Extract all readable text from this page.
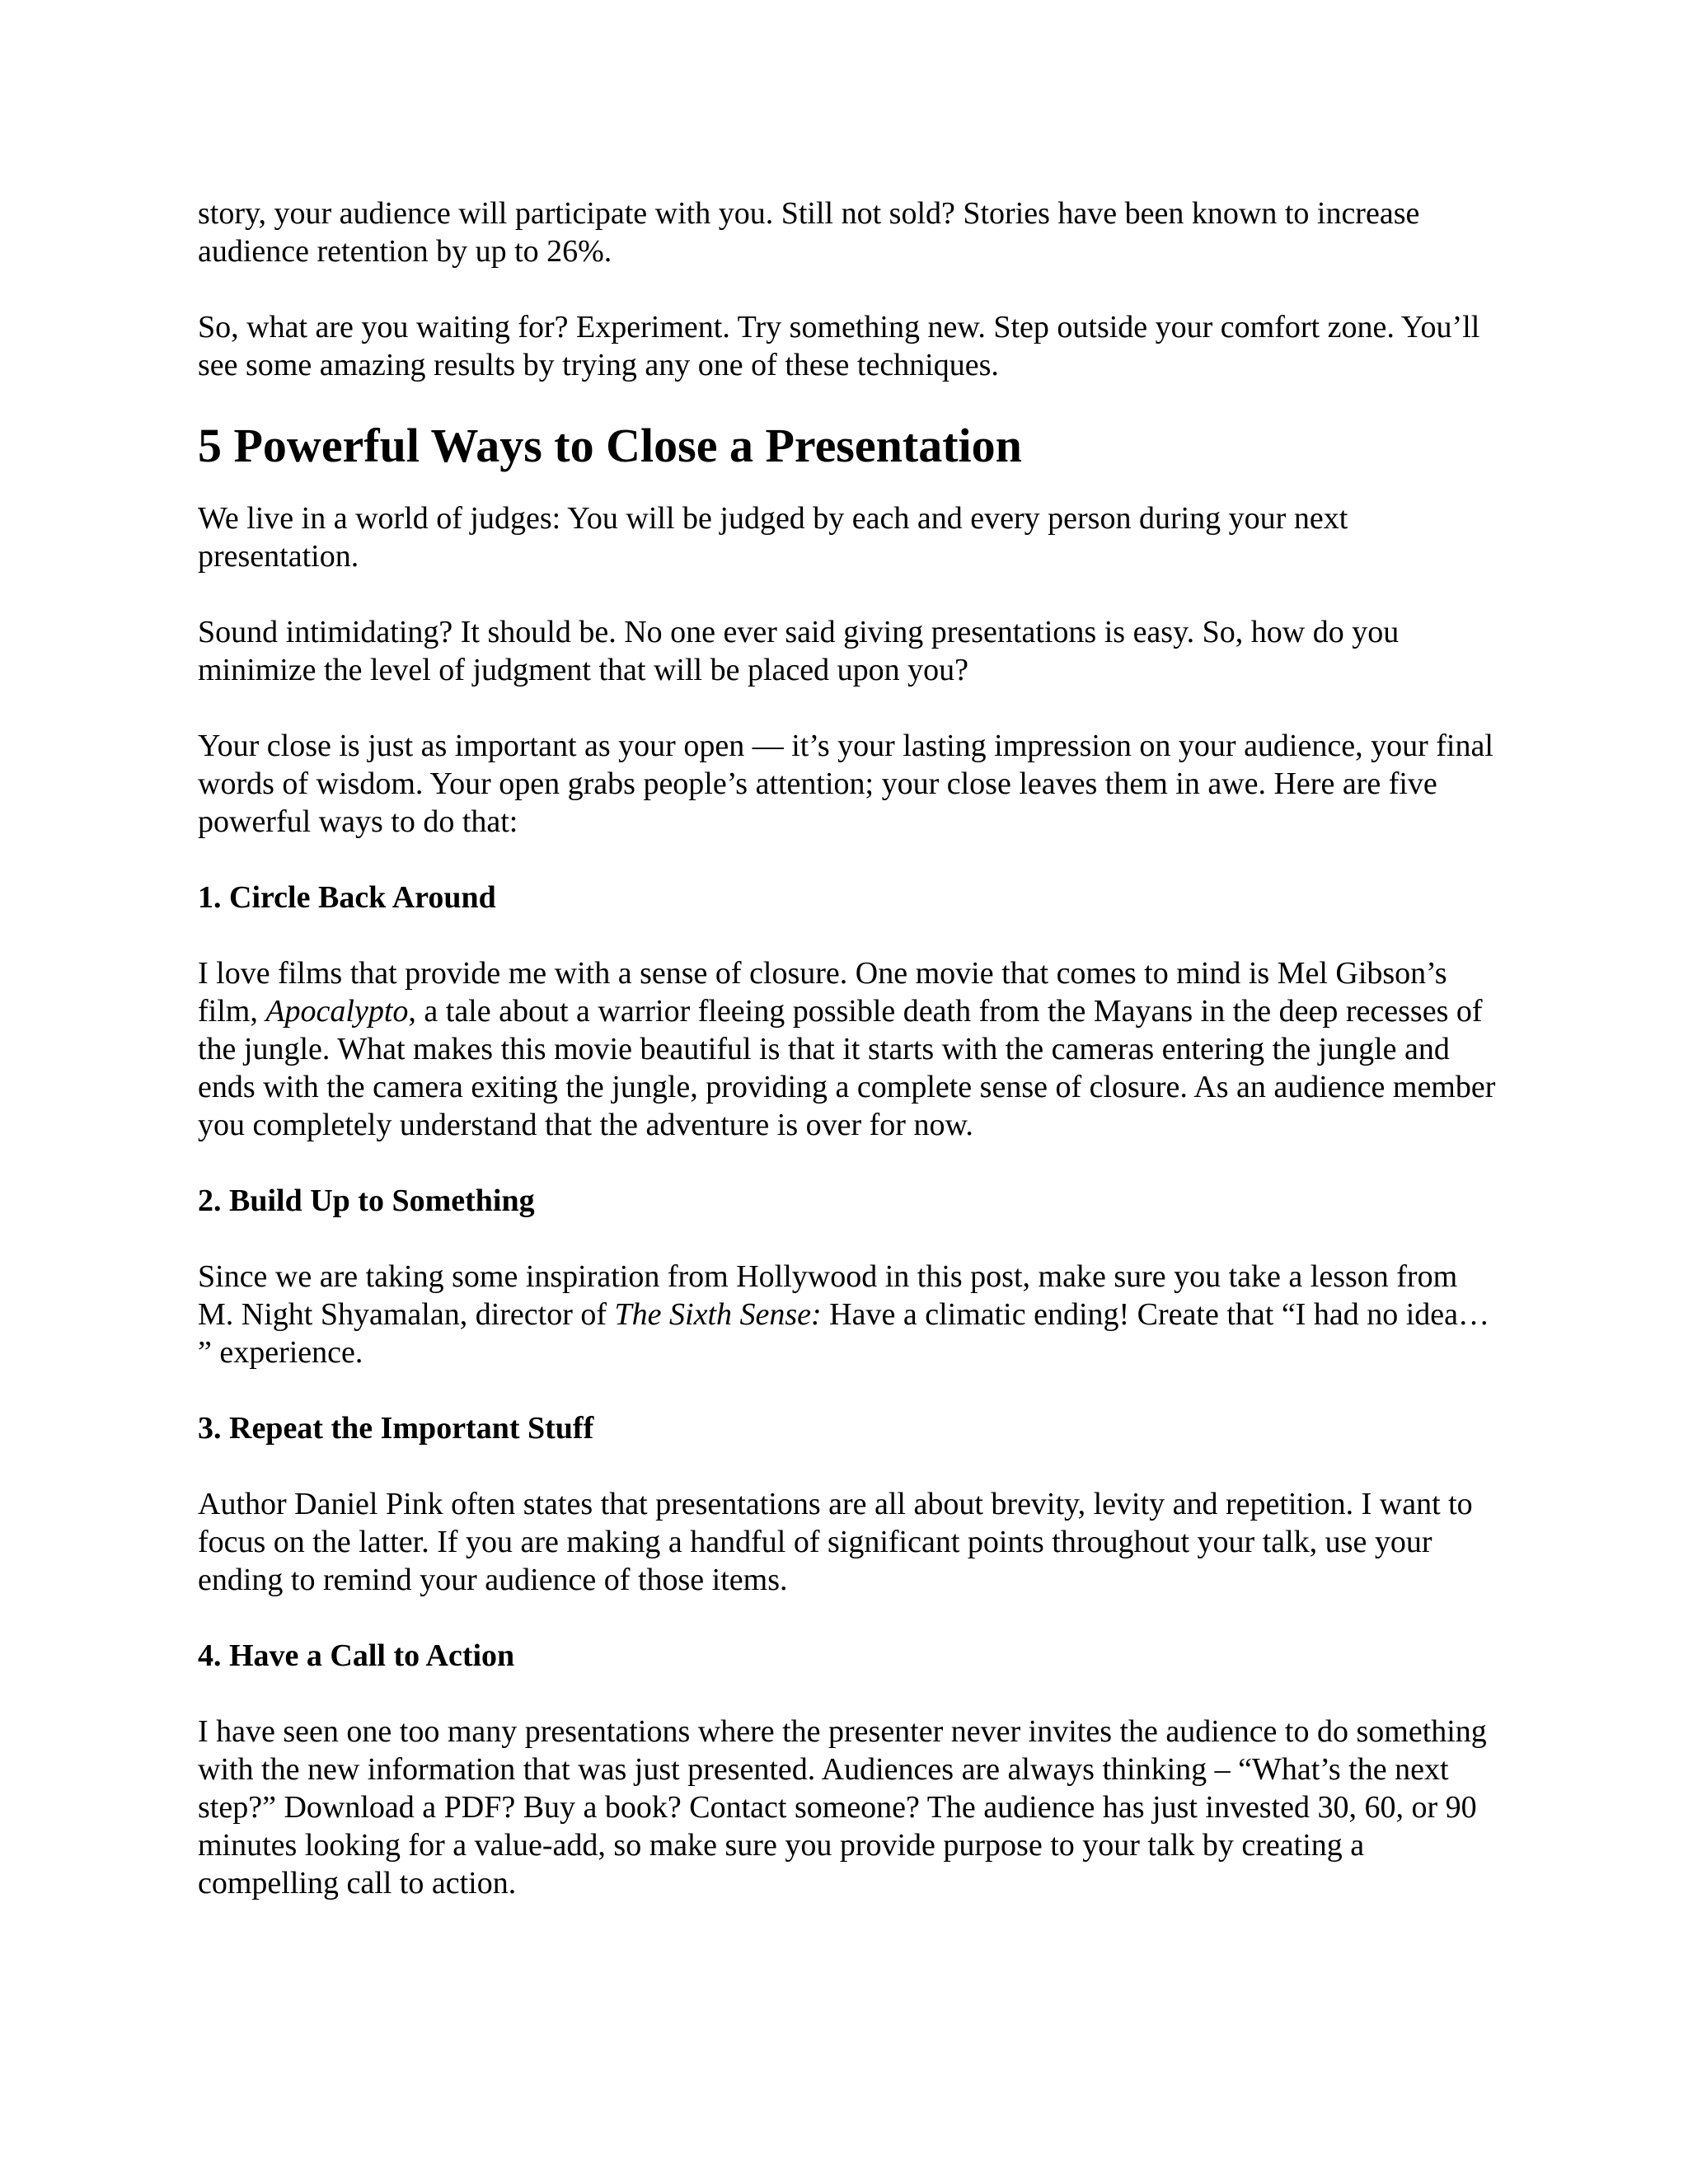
story, your audience will participate with you. Still not sold? Stories have been known to increase audience retention by up to 26%.

So, what are you waiting for? Experiment. Try something new. Step outside your comfort zone. You’ll see some amazing results by trying any one of these techniques.

5 Powerful Ways to Close a Presentation

We live in a world of judges: You will be judged by each and every person during your next presentation.

Sound intimidating? It should be. No one ever said giving presentations is easy. So, how do you minimize the level of judgment that will be placed upon you?

Your close is just as important as your open — it’s your lasting impression on your audience, your final words of wisdom. Your open grabs people’s attention; your close leaves them in awe. Here are five powerful ways to do that:

1. Circle Back Around

I love films that provide me with a sense of closure. One movie that comes to mind is Mel Gibson’s film, Apocalypto, a tale about a warrior fleeing possible death from the Mayans in the deep recesses of the jungle. What makes this movie beautiful is that it starts with the cameras entering the jungle and ends with the camera exiting the jungle, providing a complete sense of closure. As an audience member you completely understand that the adventure is over for now.

2. Build Up to Something

Since we are taking some inspiration from Hollywood in this post, make sure you take a lesson from M. Night Shyamalan, director of The Sixth Sense: Have a climatic ending! Create that “I had no idea… ” experience.

3. Repeat the Important Stuff

Author Daniel Pink often states that presentations are all about brevity, levity and repetition. I want to focus on the latter. If you are making a handful of significant points throughout your talk, use your ending to remind your audience of those items.

4. Have a Call to Action

I have seen one too many presentations where the presenter never invites the audience to do something with the new information that was just presented. Audiences are always thinking – “What’s the next step?” Download a PDF? Buy a book? Contact someone? The audience has just invested 30, 60, or 90 minutes looking for a value-add, so make sure you provide purpose to your talk by creating a compelling call to action.
